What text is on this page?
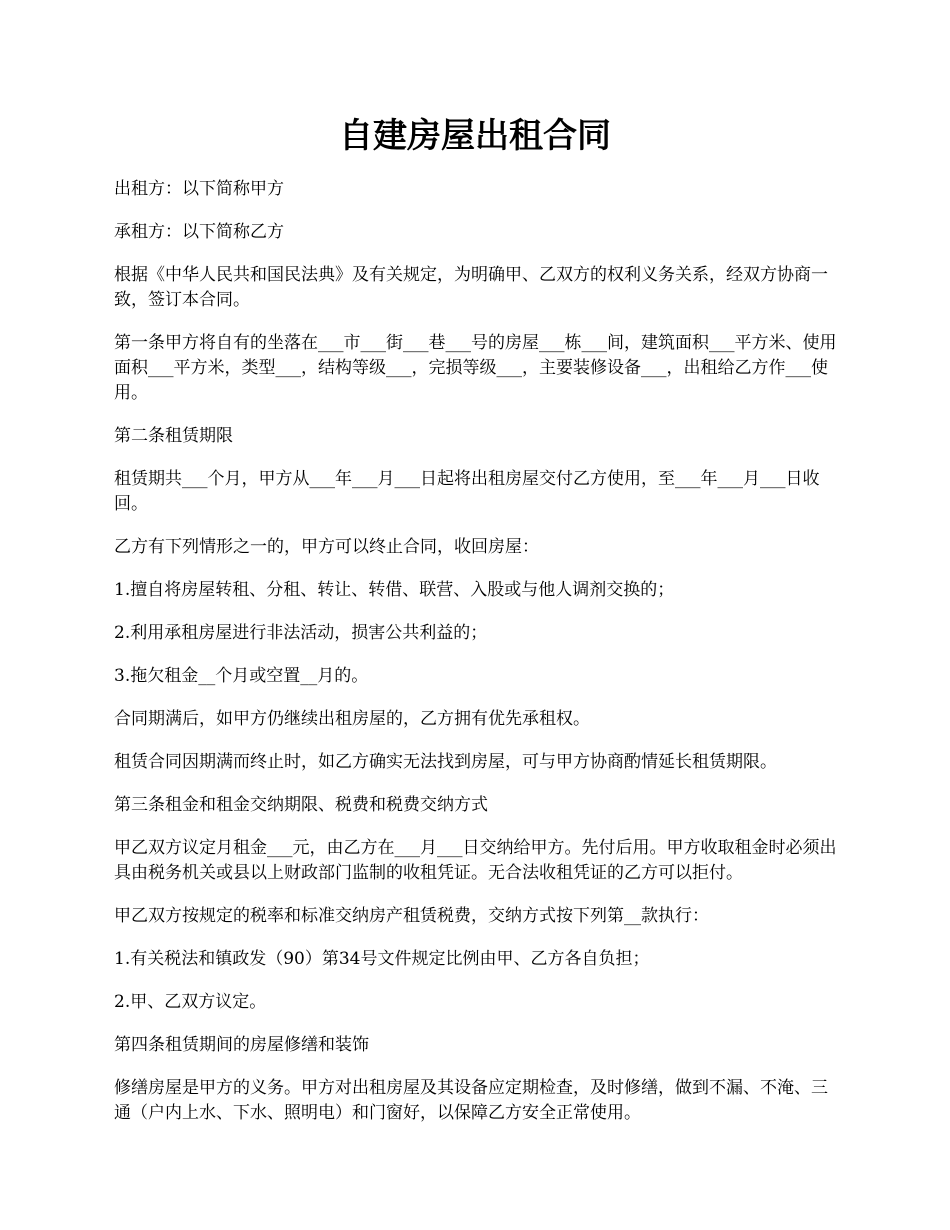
自建房屋出租合同

出租方：以下简称甲方

承租方：以下简称乙方

根据《中华人民共和国民法典》及有关规定，为明确甲、乙双方的权利义务关系，经双方协商一致，签订本合同。

第一条甲方将自有的坐落在___市___街___巷___号的房屋___栋___间，建筑面积___平方米、使用面积___平方米，类型___，结构等级___，完损等级___，主要装修设备___，出租给乙方作___使用。

第二条租赁期限

租赁期共___个月，甲方从___年___月___日起将出租房屋交付乙方使用，至___年___月___日收回。

乙方有下列情形之一的，甲方可以终止合同，收回房屋：

1.擅自将房屋转租、分租、转让、转借、联营、入股或与他人调剂交换的；

2.利用承租房屋进行非法活动，损害公共利益的；

3.拖欠租金__个月或空置__月的。

合同期满后，如甲方仍继续出租房屋的，乙方拥有优先承租权。

租赁合同因期满而终止时，如乙方确实无法找到房屋，可与甲方协商酌情延长租赁期限。

第三条租金和租金交纳期限、税费和税费交纳方式

甲乙双方议定月租金___元，由乙方在___月___日交纳给甲方。先付后用。甲方收取租金时必须出具由税务机关或县以上财政部门监制的收租凭证。无合法收租凭证的乙方可以拒付。

甲乙双方按规定的税率和标准交纳房产租赁税费，交纳方式按下列第__款执行：

1.有关税法和镇政发（90）第34号文件规定比例由甲、乙方各自负担；

2.甲、乙双方议定。

第四条租赁期间的房屋修缮和装饰

修缮房屋是甲方的义务。甲方对出租房屋及其设备应定期检查，及时修缮，做到不漏、不淹、三通（户内上水、下水、照明电）和门窗好，以保障乙方安全正常使用。
